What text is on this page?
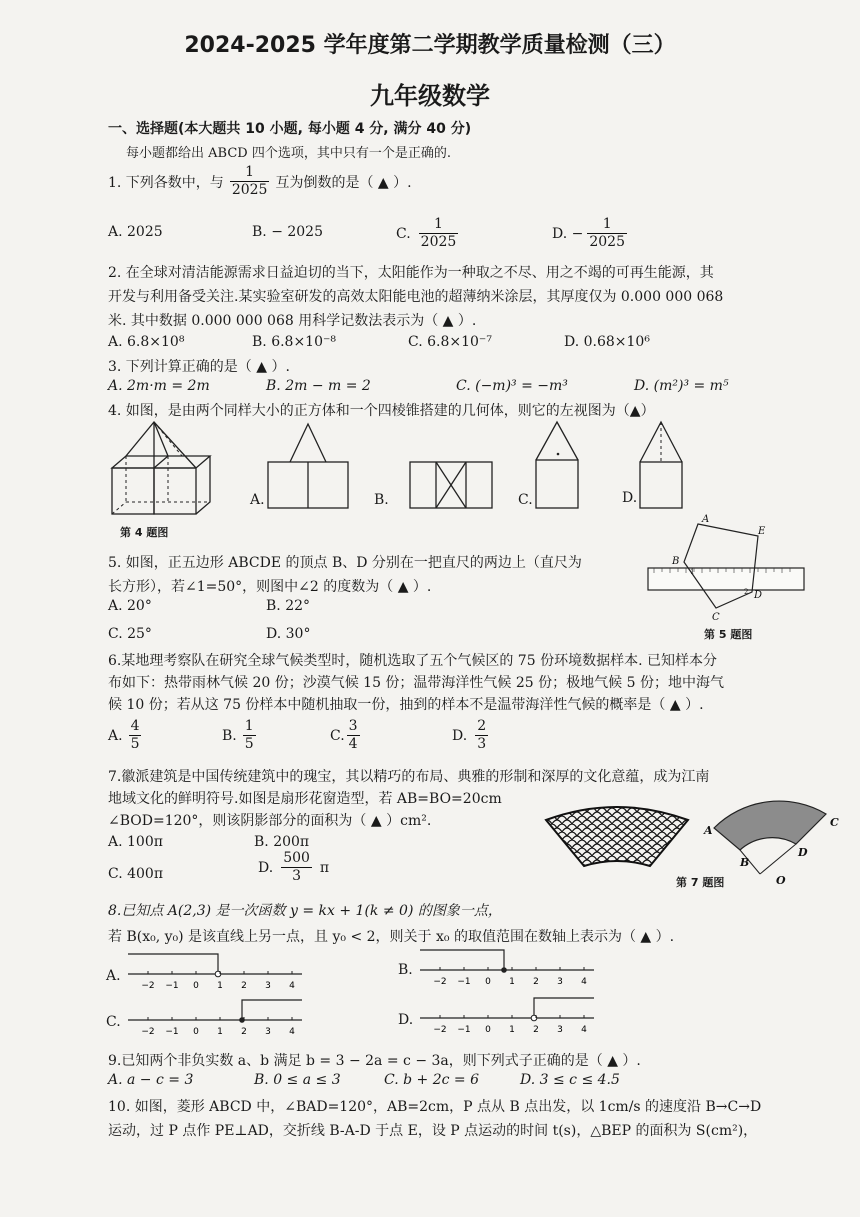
2024-2025 学年度第二学期教学质量检测（三）
九年级数学
一、选择题(本大题共 10 小题, 每小题 4 分, 满分 40 分)
每小题都给出 ABCD 四个选项，其中只有一个是正确的.
1. 下列各数中，与 $\frac{1}{2025}$ 互为倒数的是（ ▲ ）.
A. 2025	B. − 2025	C. $\frac{1}{2025}$	D. − $\frac{1}{2025}$
2. 在全球对清洁能源需求日益迫切的当下，太阳能作为一种取之不尽、用之不竭的可再生能源，其
开发与利用备受关注.某实验室研发的高效太阳能电池的超薄纳米涂层，其厚度仅为 0.000 000 068
米. 其中数据 0.000 000 068 用科学记数法表示为（ ▲ ）.
A. 6.8×10⁸	B. 6.8×10⁻⁸	C. 6.8×10⁻⁷	D. 0.68×10⁶
3. 下列计算正确的是（ ▲ ）.
A. 2m·m = 2m	B. 2m − m = 2	C. (−m)³ = −m³	D. (m²)³ = m⁵
4. 如图，是由两个同样大小的正方体和一个四棱锥搭建的几何体，则它的左视图为（▲）
第 4 题图
A.	B.	C.	D.
5. 如图，正五边形 ABCDE 的顶点 B、D 分别在一把直尺的两边上（直尺为
长方形），若∠1=50°，则图中∠2 的度数为（ ▲ ）.
A. 20°	B. 22°
C. 25°	D. 30°
A
E
B
C
D
1
2
第 5 题图
6.某地理考察队在研究全球气候类型时，随机选取了五个气候区的 75 份环境数据样本. 已知样本分
布如下：热带雨林气候 20 份；沙漠气候 15 份；温带海洋性气候 25 份；极地气候 5 份；地中海气
候 10 份；若从这 75 份样本中随机抽取一份，抽到的样本不是温带海洋性气候的概率是（ ▲ ）.
A. $\frac{4}{5}$	B. $\frac{1}{5}$	C. $\frac{3}{4}$	D. $\frac{2}{3}$
7.徽派建筑是中国传统建筑中的瑰宝，其以精巧的布局、典雅的形制和深厚的文化意蕴，成为江南
地域文化的鲜明符号.如图是扇形花窗造型，若 AB=BO=20cm
∠BOD=120°，则该阴影部分的面积为（ ▲ ）cm².
A. 100π	B. 200π
C. 400π	D. $\frac{500}{3}$ π
A
C
B
D
O
第 7 题图
8.已知点 A(2,3) 是一次函数 y = kx + 1(k ≠ 0) 的图象一点，
若 B(x₀, y₀) 是该直线上另一点，且 y₀ < 2，则关于 x₀ 的取值范围在数轴上表示为（ ▲ ）.
A.
−2 −1 0 1 2 3 4
B.
−2 −1 0 1 2 3 4
C.
−2 −1 0 1 2 3 4
D.
−2 −1 0 1 2 3 4
9.已知两个非负实数 a、b 满足 b = 3 − 2a = c − 3a，则下列式子正确的是（ ▲ ）.
A. a − c = 3	B. 0 ≤ a ≤ 3	C. b + 2c = 6	D. 3 ≤ c ≤ 4.5
10. 如图，菱形 ABCD 中，∠BAD=120°，AB=2cm，P 点从 B 点出发，以 1cm/s 的速度沿 B→C→D
运动，过 P 点作 PE⊥AD，交折线 B-A-D 于点 E，设 P 点运动的时间 t(s)，△BEP 的面积为 S(cm²)，
